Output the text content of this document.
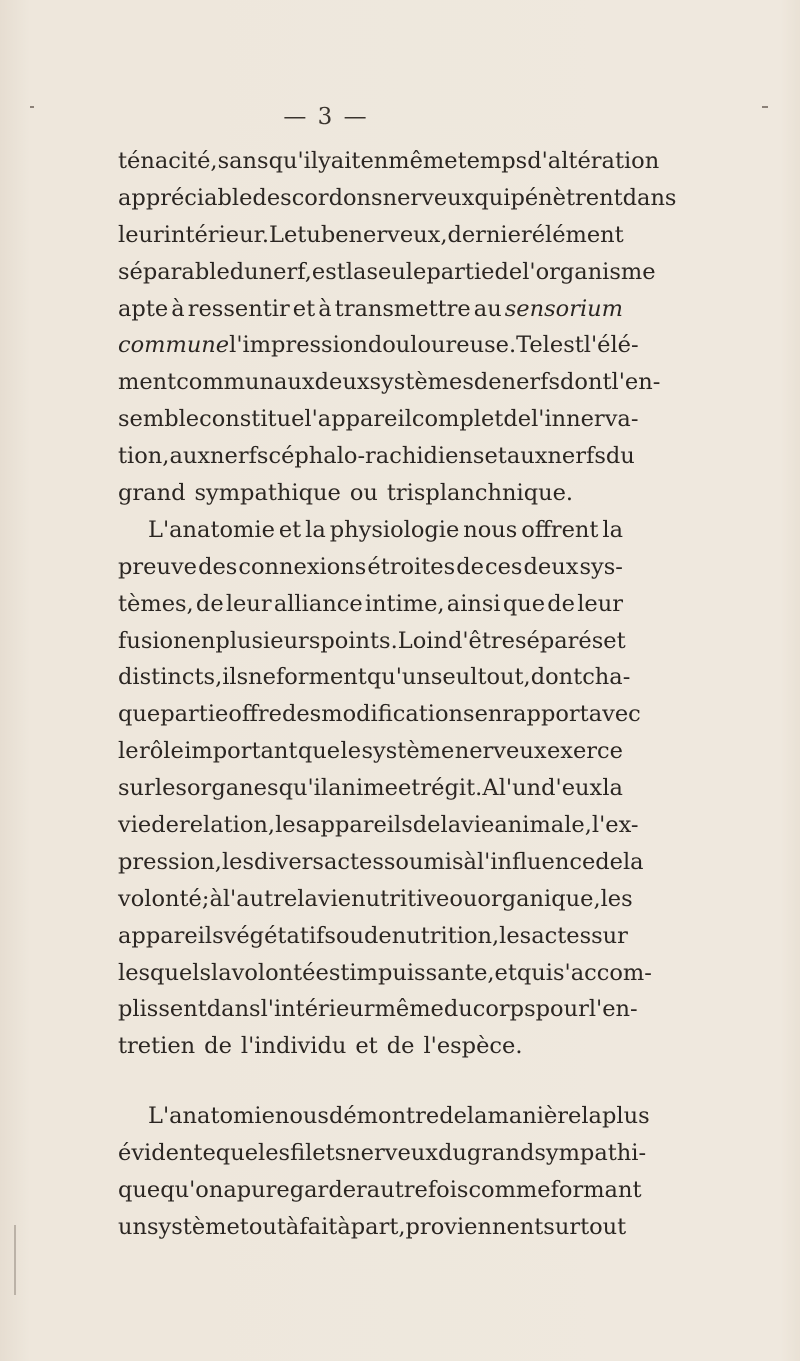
— 3 —
ténacité, sans qu'il y ait en même temps d'altération
appréciable des cordons nerveux qui pénètrent dans
leur intérieur. Le tube nerveux, dernier élément
séparable du nerf, est la seule partie de l'organisme
apte à ressentir et à transmettre au sensorium
commune l'impression douloureuse. Tel est l'élé-
ment commun aux deux systèmes de nerfs dont l'en-
semble constitue l'appareil complet de l'innerva-
tion, aux nerfs céphalo-rachidiens et aux nerfs du
grand sympathique ou trisplanchnique.
L'anatomie et la physiologie nous offrent la
preuve des connexions étroites de ces deux sys-
tèmes, de leur alliance intime, ainsi que de leur
fusion en plusieurs points. Loin d'être séparés et
distincts, ils ne forment qu'un seul tout, dont cha-
que partie offre des modifications en rapport avec
le rôle important que le système nerveux exerce
sur les organes qu'il anime et régit. A l'un d'eux la
vie de relation, les appareils de la vie animale, l'ex-
pression, les divers actes soumis à l'influence de la
volonté; à l'autre la vie nutritive ou organique, les
appareils végétatifs ou de nutrition, les actes sur
lesquels la volonté est impuissante, et qui s'accom-
plissent dans l'intérieur même du corps pour l'en-
tretien de l'individu et de l'espèce.
L'anatomie nous démontre de la manière la plus
évidente que les filets nerveux du grand sympathi-
que qu'on a pu regarder autrefois comme formant
un système tout à fait à part, proviennent surtout
